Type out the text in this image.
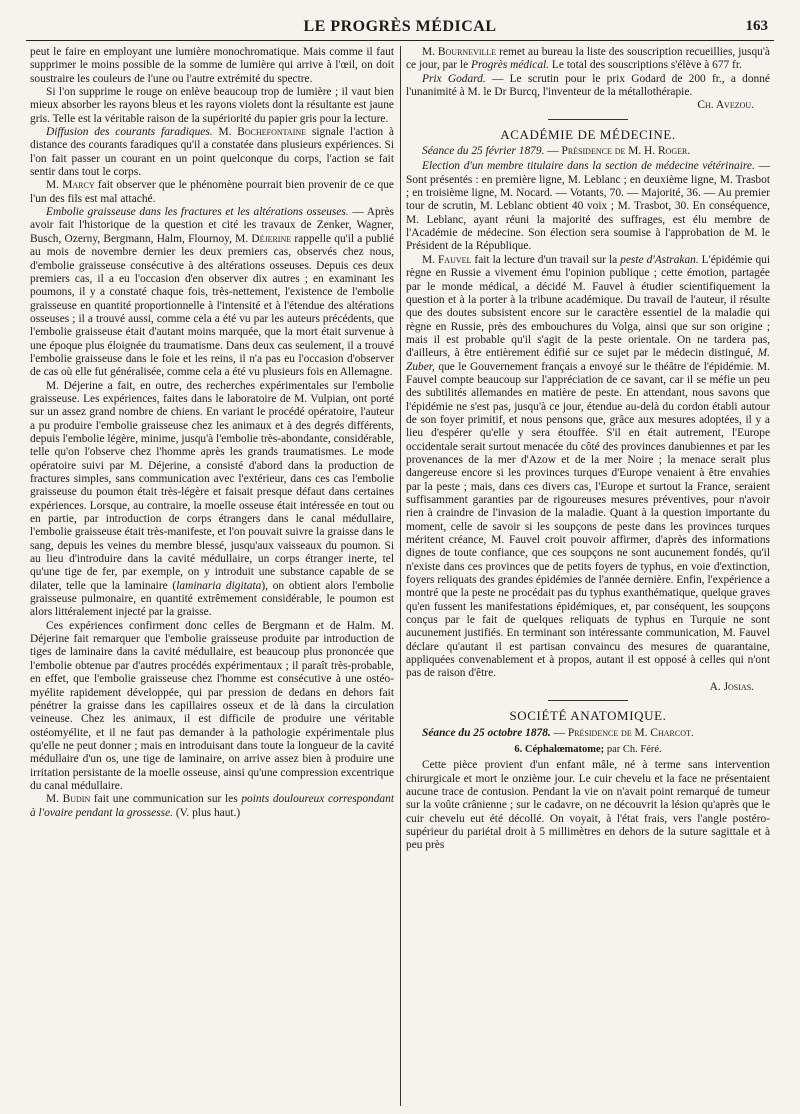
LE PROGRÈS MÉDICAL	163

peut le faire en employant une lumière monochromatique. Mais comme il faut supprimer le moins possible de la somme de lumière qui arrive à l'œil, on doit soustraire les couleurs de l'une ou l'autre extrémité du spectre.

Si l'on supprime le rouge on enlève beaucoup trop de lumière ; il vaut bien mieux absorber les rayons bleus et les rayons violets dont la résultante est jaune gris. Telle est la véritable raison de la supériorité du papier gris pour la lecture.

Diffusion des courants faradiques. M. Bochefontaine signale l'action à distance des courants faradiques qu'il a constatée dans plusieurs expériences. Si l'on fait passer un courant en un point quelconque du corps, l'action se fait sentir dans tout le corps.

M. Marcy fait observer que le phénomène pourrait bien provenir de ce que l'un des fils est mal attaché.

Embolie graisseuse dans les fractures et les altérations osseuses. — Après avoir fait l'historique de la question et cité les travaux de Zenker, Wagner, Busch, Ozerny, Bergmann, Halm, Flournoy, M. Déjerine rappelle qu'il a publié au mois de novembre dernier les deux premiers cas, observés chez nous, d'embolie graisseuse consécutive à des altérations osseuses. Depuis ces deux premiers cas, il a eu l'occasion d'en observer dix autres ; en examinant les poumons, il y a constaté chaque fois, très-nettement, l'existence de l'embolie graisseuse en quantité proportionnelle à l'intensité et à l'étendue des altérations osseuses ; il a trouvé aussi, comme cela a été vu par les auteurs précédents, que l'embolie graisseuse était d'autant moins marquée, que la mort était survenue à une époque plus éloignée du traumatisme. Dans deux cas seulement, il a trouvé l'embolie graisseuse dans le foie et les reins, il n'a pas eu l'occasion d'observer de cas où elle fut généralisée, comme cela a été vu plusieurs fois en Allemagne.

M. Déjerine a fait, en outre, des recherches expérimentales sur l'embolie graisseuse. Les expériences, faites dans le laboratoire de M. Vulpian, ont porté sur un assez grand nombre de chiens. En variant le procédé opératoire, l'auteur a pu produire l'embolie graisseuse chez les animaux et à des degrés différents, depuis l'embolie légère, minime, jusqu'à l'embolie très-abondante, considérable, telle qu'on l'observe chez l'homme après les grands traumatismes. Le mode opératoire suivi par M. Déjerine, a consisté d'abord dans la production de fractures simples, sans communication avec l'extérieur, dans ces cas l'embolie graisseuse du poumon était très-légère et faisait presque défaut dans certaines expériences. Lorsque, au contraire, la moelle osseuse était intéressée en tout ou en partie, par introduction de corps étrangers dans le canal médullaire, l'embolie graisseuse était très-manifeste, et l'on pouvait suivre la graisse dans le sang, depuis les veines du membre blessé, jusqu'aux vaisseaux du poumon. Si au lieu d'introduire dans la cavité médullaire, un corps étranger inerte, tel qu'une tige de fer, par exemple, on y introduit une substance capable de se dilater, telle que la laminaire (laminaria digitata), on obtient alors l'embolie graisseuse pulmonaire, en quantité extrêmement considérable, le poumon est alors littéralement injecté par la graisse.

Ces expériences confirment donc celles de Bergmann et de Halm. M. Déjerine fait remarquer que l'embolie graisseuse produite par introduction de tiges de laminaire dans la cavité médullaire, est beaucoup plus prononcée que l'embolie obtenue par d'autres procédés expérimentaux ; il paraît très-probable, en effet, que l'embolie graisseuse chez l'homme est consécutive à une ostéo-myélite rapidement développée, qui par pression de dedans en dehors fait pénétrer la graisse dans les capillaires osseux et de là dans la circulation veineuse. Chez les animaux, il est difficile de produire une véritable ostéomyélite, et il ne faut pas demander à la pathologie expérimentale plus qu'elle ne peut donner ; mais en introduisant dans toute la longueur de la cavité médullaire d'un os, une tige de laminaire, on arrive assez bien à produire une irritation persistante de la moelle osseuse, ainsi qu'une compression excentrique du canal médullaire.

M. Budin fait une communication sur les points douloureux correspondant à l'ovaire pendant la grossesse. (V. plus haut.)

M. Bourneville remet au bureau la liste des souscription recueillies, jusqu'à ce jour, par le Progrès médical. Le total des souscriptions s'élève à 677 fr.

Prix Godard. — Le scrutin pour le prix Godard de 200 fr., a donné l'unanimité à M. le Dr Burcq, l'inventeur de la métallothérapie.

Ch. Avezou.

ACADÉMIE DE MÉDECINE.

Séance du 25 février 1879. — Présidence de M. H. Roger.

Election d'un membre titulaire dans la section de médecine vétérinaire. — Sont présentés : en première ligne, M. Leblanc ; en deuxième ligne, M. Trasbot ; en troisième ligne, M. Nocard. — Votants, 70. — Majorité, 36. — Au premier tour de scrutin, M. Leblanc obtient 40 voix ; M. Trasbot, 30. En conséquence, M. Leblanc, ayant réuni la majorité des suffrages, est élu membre de l'Académie de médecine. Son élection sera soumise à l'approbation de M. le Président de la République.

M. Fauvel fait la lecture d'un travail sur la peste d'Astrakan. L'épidémie qui règne en Russie a vivement ému l'opinion publique ; cette émotion, partagée par le monde médical, a décidé M. Fauvel à étudier scientifiquement la question et à la porter à la tribune académique. Du travail de l'auteur, il résulte que des doutes subsistent encore sur le caractère essentiel de la maladie qui règne en Russie, près des embouchures du Volga, ainsi que sur son origine ; mais il est probable qu'il s'agit de la peste orientale. On ne tardera pas, d'ailleurs, à être entièrement édifié sur ce sujet par le médecin distingué, M. Zuber, que le Gouvernement français a envoyé sur le théâtre de l'épidémie. M. Fauvel compte beaucoup sur l'appréciation de ce savant, car il se méfie un peu des subtilités allemandes en matière de peste. En attendant, nous savons que l'épidémie ne s'est pas, jusqu'à ce jour, étendue au-delà du cordon établi autour de son foyer primitif, et nous pensons que, grâce aux mesures adoptées, il y a lieu d'espérer qu'elle y sera étouffée. S'il en était autrement, l'Europe occidentale serait surtout menacée du côté des provinces danubiennes et par les provenances de la mer d'Azow et de la mer Noire ; la menace serait plus dangereuse encore si les provinces turques d'Europe venaient à être envahies par la peste ; mais, dans ces divers cas, l'Europe et surtout la France, seraient suffisamment garanties par de rigoureuses mesures préventives, pour n'avoir rien à craindre de l'invasion de la maladie. Quant à la question importante du moment, celle de savoir si les soupçons de peste dans les provinces turques méritent créance, M. Fauvel croit pouvoir affirmer, d'après des informations dignes de toute confiance, que ces soupçons ne sont aucunement fondés, qu'il n'existe dans ces provinces que de petits foyers de typhus, en voie d'extinction, foyers reliquats des grandes épidémies de l'année dernière. Enfin, l'expérience a montré que la peste ne procédait pas du typhus exanthématique, quelque graves qu'en fussent les manifestations épidémiques, et, par conséquent, les soupçons conçus par le fait de quelques reliquats de typhus en Turquie ne sont aucunement justifiés. En terminant son intéressante communication, M. Fauvel déclare qu'autant il est partisan convaincu des mesures de quarantaine, appliquées convenablement et à propos, autant il est opposé à celles qui n'ont pas de raison d'être.

A. Josias.

SOCIÉTÉ ANATOMIQUE.

Séance du 25 octobre 1878. — Présidence de M. Charcot.

6. Céphalœmatome; par Ch. Féré.

Cette pièce provient d'un enfant mâle, né à terme sans intervention chirurgicale et mort le onzième jour. Le cuir chevelu et la face ne présentaient aucune trace de contusion. Pendant la vie on n'avait point remarqué de tumeur sur la voûte crânienne ; sur le cadavre, on ne découvrit la lésion qu'après que le cuir chevelu eut été décollé. On voyait, à l'état frais, vers l'angle postéro-supérieur du pariétal droit à 5 millimètres en dehors de la suture sagittale et à peu près
